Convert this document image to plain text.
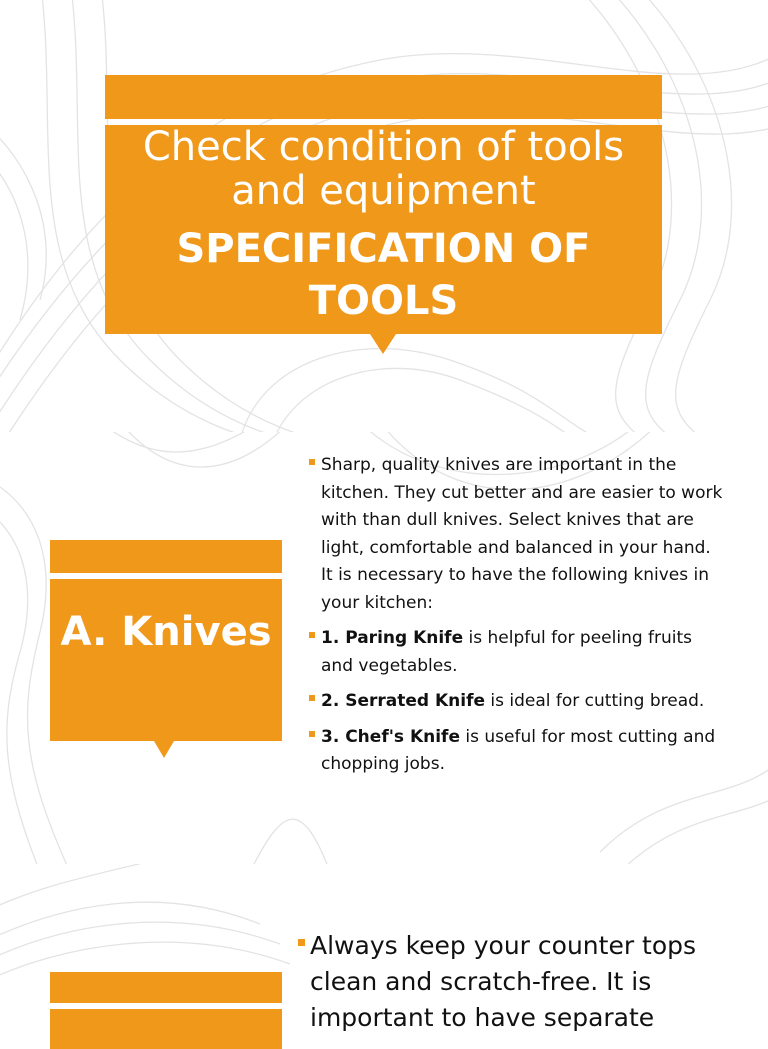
Check condition of tools and equipment
SPECIFICATION OF TOOLS
A. Knives
Sharp, quality knives are important in the kitchen. They cut better and are easier to work with than dull knives. Select knives that are light, comfortable and balanced in your hand. It is necessary to have the following knives in your kitchen:
1. Paring Knife is helpful for peeling fruits and vegetables.
2. Serrated Knife is ideal for cutting bread.
3. Chef's Knife is useful for most cutting and chopping jobs.
Always keep your counter tops clean and scratch-free. It is important to have separate
